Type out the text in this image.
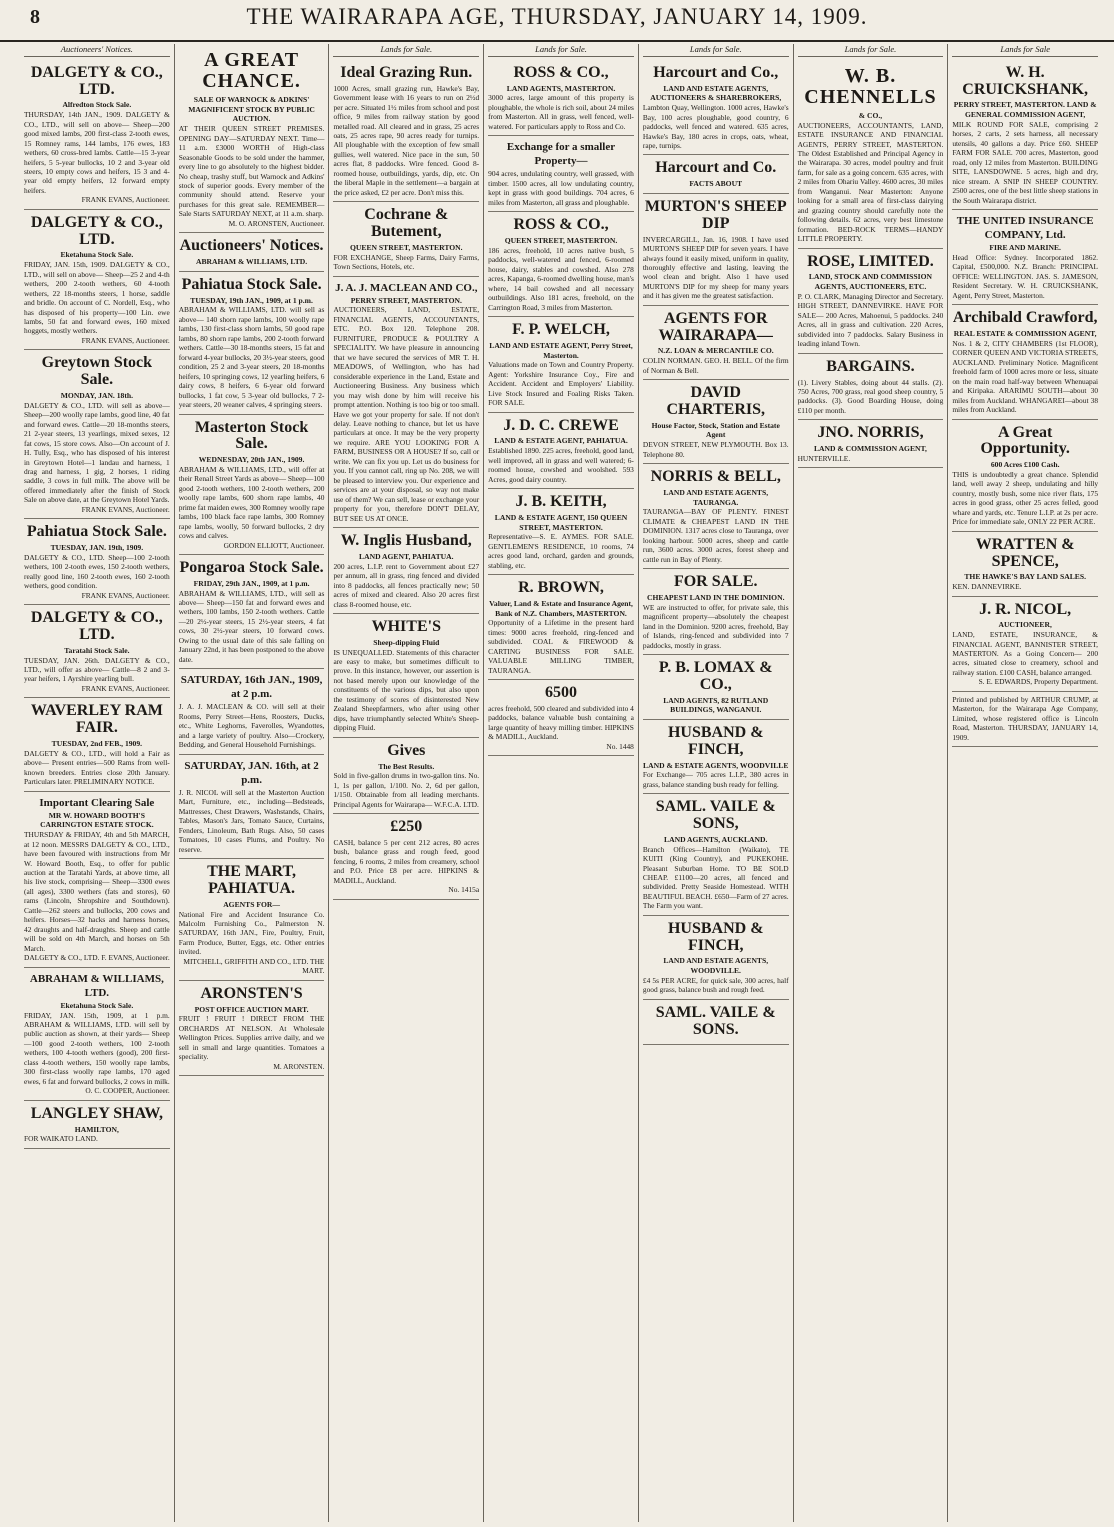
8	THE WAIRARAPA AGE, THURSDAY, JANUARY 14, 1909.
Auctioneers' Notices.
DALGETY & CO., LTD.
Alfredton Stock Sale.
THURSDAY, 14th JAN., 1909. DALGETY & CO., LTD., will sell on above— Sheep—200 good mixed lambs, 200 first-class 2-tooth ewes, 15 Romney rams, 144 lambs, 176 ewes, 183 wethers, 60 cross-bred lambs. Cattle—15 3-year heifers, 5 5-year bullocks, 10 2 and 3-year old steers, 10 empty cows and heifers, 15 3 and 4-year old empty heifers, 12 forward empty heifers.
FRANK EVANS, Auctioneer.
DALGETY & CO., LTD.
Eketahuna Stock Sale.
FRIDAY, JAN. 15th, 1909. DALGETY & CO., LTD., will sell on above— Sheep—25 2 and 4-th wethers, 200 2-tooth wethers, 60 4-tooth wethers, 22 18-months steers, 1 horse, saddle and bridle. On account of C. Nordell, Esq., who has disposed of his property—100 Lin. ewe lambs, 50 fat and forward ewes, 160 mixed hoggets, mostly wethers.
FRANK EVANS, Auctioneer.
Greytown Stock Sale.
MONDAY, JAN. 18th.
DALGETY & CO., LTD. will sell as above— Sheep—200 woolly rape lambs, good line, 40 fat and forward ewes. Cattle—20 18-months steers, 21 2-year steers, 13 yearlings, mixed sexes, 12 fat cows, 15 store cows. Also—On account of J. H. Tully, Esq., who has disposed of his interest in Greytown Hotel—1 landau and harness, 1 drag and harness, 1 gig, 2 horses, 1 riding saddle, 3 cows in full milk. The above will be offered immediately after the finish of Stock Sale on above date, at the Greytown Hotel Yards.
FRANK EVANS, Auctioneer.
Pahiatua Stock Sale.
TUESDAY, JAN. 19th, 1909.
DALGETY & CO., LTD. Sheep—100 2-tooth wethers, 100 2-tooth ewes, 150 2-tooth wethers, really good line, 160 2-tooth ewes, 160 2-tooth wethers, good condition.
FRANK EVANS, Auctioneer.
DALGETY & CO., LTD.
Taratahi Stock Sale.
TUESDAY, JAN. 26th. DALGETY & CO., LTD., will offer as above— Cattle—8 2 and 3-year heifers, 1 Ayrshire yearling bull.
FRANK EVANS, Auctioneer.
WAVERLEY RAM FAIR.
TUESDAY, 2nd FEB., 1909.
DALGETY & CO., LTD., will hold a Fair as above— Present entries—500 Rams from well-known breeders. Entries close 20th January. Particulars later. PRELIMINARY NOTICE.
Important Clearing Sale
MR W. HOWARD BOOTH'S CARRINGTON ESTATE STOCK.
THURSDAY & FRIDAY, 4th and 5th MARCH, at 12 noon. MESSRS DALGETY & CO., LTD., have been favoured with instructions from Mr W. Howard Booth, Esq., to offer for public auction at the Taratahi Yards, at above time, all his live stock, comprising— Sheep—3300 ewes (all ages), 3300 wethers (fats and stores), 60 rams (Lincoln, Shropshire and Southdown). Cattle—262 steers and bullocks, 200 cows and heifers. Horses—32 hacks and harness horses, 42 draughts and half-draughts. Sheep and cattle will be sold on 4th March, and horses on 5th March.
DALGETY & CO., LTD. F. EVANS, Auctioneer.
ABRAHAM & WILLIAMS, LTD.
Eketahuna Stock Sale.
FRIDAY, JAN. 15th, 1909, at 1 p.m. ABRAHAM & WILLIAMS, LTD. will sell by public auction as shown, at their yards— Sheep—100 good 2-tooth wethers, 100 2-tooth wethers, 100 4-tooth wethers (good), 200 first-class 4-tooth wethers, 150 woolly rape lambs, 300 first-class woolly rape lambs, 170 aged ewes, 6 fat and forward bullocks, 2 cows in milk.
O. C. COOPER, Auctioneer.
LANGLEY SHAW,
HAMILTON,
FOR WAIKATO LAND.
A GREAT CHANCE.
SALE OF WARNOCK & ADKINS' MAGNIFICENT STOCK BY PUBLIC AUCTION.
AT THEIR QUEEN STREET PREMISES. OPENING DAY—SATURDAY NEXT. Time—11 a.m. £3000 WORTH of High-class Seasonable Goods to be sold under the hammer, every line to go absolutely to the highest bidder. No cheap, trashy stuff, but Warnock and Adkins' stock of superior goods. Every member of the community should attend. Reserve your purchases for this great sale. REMEMBER—Sale Starts SATURDAY NEXT, at 11 a.m. sharp.
M. O. ARONSTEN, Auctioneer.
Auctioneers' Notices.
ABRAHAM & WILLIAMS, LTD.
Pahiatua Stock Sale.
TUESDAY, 19th JAN., 1909, at 1 p.m.
ABRAHAM & WILLIAMS, LTD. will sell as above— 140 shorn rape lambs, 100 woolly rape lambs, 130 first-class shorn lambs, 50 good rape lambs, 80 shorn rape lambs, 200 2-tooth forward wethers. Cattle—30 18-months steers, 15 fat and forward 4-year bullocks, 20 3½-year steers, good condition, 25 2 and 3-year steers, 20 18-months heifers, 10 springing cows, 12 yearling heifers, 6 dairy cows, 8 heifers, 6 6-year old forward bullocks, 1 fat cow, 5 3-year old bullocks, 7 2-year steers, 20 weaner calves, 4 springing steers.
Masterton Stock Sale.
WEDNESDAY, 20th JAN., 1909.
ABRAHAM & WILLIAMS, LTD., will offer at their Renall Street Yards as above— Sheep—100 good 2-tooth wethers, 100 2-tooth wethers, 200 woolly rape lambs, 600 shorn rape lambs, 40 prime fat maiden ewes, 300 Romney woolly rape lambs, 100 black face rape lambs, 300 Romney rape lambs, woolly, 50 forward bullocks, 2 dry cows and calves.
GORDON ELLIOTT, Auctioneer.
Pongaroa Stock Sale.
FRIDAY, 29th JAN., 1909, at 1 p.m.
ABRAHAM & WILLIAMS, LTD., will sell as above— Sheep—150 fat and forward ewes and wethers, 100 lambs, 150 2-tooth wethers. Cattle—20 2½-year steers, 15 2½-year steers, 4 fat cows, 30 2½-year steers, 10 forward cows. Owing to the usual date of this sale falling on January 22nd, it has been postponed to the above date.
SATURDAY, 16th JAN., 1909, at 2 p.m.
J. A. J. MACLEAN & CO. will sell at their Rooms, Perry Street—Hens, Roosters, Ducks, etc., White Leghorns, Faverolles, Wyandottes, and a large variety of poultry. Also—Crockery, Bedding, and General Household Furnishings.
SATURDAY, JAN. 16th, at 2 p.m.
J. R. NICOL will sell at the Masterton Auction Mart, Furniture, etc., including—Bedsteads, Mattresses, Chest Drawers, Washstands, Chairs, Tables, Mason's Jars, Tomato Sauce, Curtains, Fenders, Linoleum, Bath Rugs. Also, 50 cases Tomatoes, 10 cases Plums, and Poultry. No reserve.
THE MART, PAHIATUA.
AGENTS FOR—
National Fire and Accident Insurance Co. Malcolm Furnishing Co., Palmerston N. SATURDAY, 16th JAN., Fire, Poultry, Fruit, Farm Produce, Butter, Eggs, etc. Other entries invited.
MITCHELL, GRIFFITH AND CO., LTD. THE MART.
ARONSTEN'S
POST OFFICE AUCTION MART.
FRUIT ! FRUIT ! DIRECT FROM THE ORCHARDS AT NELSON. At Wholesale Wellington Prices. Supplies arrive daily, and we sell in small and large quantities. Tomatoes a speciality.
M. ARONSTEN.
Lands for Sale.
Ideal Grazing Run.
1000 Acres, small grazing run, Hawke's Bay, Government lease with 16 years to run on 2½d per acre. Situated 1½ miles from school and post office, 9 miles from railway station by good metalled road. All cleared and in grass, 25 acres oats, 25 acres rape, 90 acres ready for turnips. All ploughable with the exception of few small gullies, well watered. Nice pace in the sun, 50 acres flat, 8 paddocks. Wire fenced. Good 8-roomed house, outbuildings, yards, dip, etc. On the liberal Maple in the settlement—a bargain at the price asked, £2 per acre. Don't miss this.
Cochrane & Butement,
QUEEN STREET, MASTERTON.
FOR EXCHANGE, Sheep Farms, Dairy Farms, Town Sections, Hotels, etc.
J. A. J. MACLEAN AND CO.,
PERRY STREET, MASTERTON.
AUCTIONEERS, LAND, ESTATE, FINANCIAL AGENTS, ACCOUNTANTS, ETC. P.O. Box 120. Telephone 208. FURNITURE, PRODUCE & POULTRY A SPECIALITY. We have pleasure in announcing that we have secured the services of MR T. H. MEADOWS, of Wellington, who has had considerable experience in the Land, Estate and Auctioneering Business. Any business which you may wish done by him will receive his prompt attention. Nothing is too big or too small. Have we got your property for sale. If not don't delay. Leave nothing to chance, but let us have particulars at once. It may be the very property we require. ARE YOU LOOKING FOR A FARM, BUSINESS OR A HOUSE? If so, call or write. We can fix you up. Let us do business for you. If you cannot call, ring up No. 208, we will be pleased to interview you. Our experience and services are at your disposal, so way not make use of them? We can sell, lease or exchange your property for you, therefore DON'T DELAY, BUT SEE US AT ONCE.
W. Inglis Husband,
LAND AGENT, PAHIATUA.
200 acres, L.I.P. rent to Government about £27 per annum, all in grass, ring fenced and divided into 8 paddocks, all fences practically new; 50 acres of mixed and cleared. Also 20 acres first class 8-roomed house, etc.
WHITE'S
Sheep-dipping Fluid
IS UNEQUALLED. Statements of this character are easy to make, but sometimes difficult to prove. In this instance, however, our assertion is not based merely upon our knowledge of the constituents of the various dips, but also upon the testimony of scores of disinterested New Zealand Sheepfarmers, who after using other dips, have triumphantly selected White's Sheep-dipping Fluid.
Gives
The Best Results.
Sold in five-gallon drums in two-gallon tins. No. 1, 1s per gallon, 1/100. No. 2, 6d per gallon, 1/150. Obtainable from all leading merchants. Principal Agents for Wairarapa— W.F.C.A. LTD.
£250
CASH, balance 5 per cent 212 acres, 80 acres bush, balance grass and rough feed, good fencing, 6 rooms, 2 miles from creamery, school and P.O. Price £8 per acre. HIPKINS & MADILL, Auckland.
No. 1415a
Lands for Sale.
ROSS & CO.,
LAND AGENTS, MASTERTON.
3000 acres, large amount of this property is ploughable, the whole is rich soil, about 24 miles from Masterton. All in grass, well fenced, well-watered. For particulars apply to Ross and Co.
Exchange for a smaller Property—
904 acres, undulating country, well grassed, with timber. 1500 acres, all low undulating country, kept in grass with good buildings. 704 acres, 6 miles from Masterton, all grass and ploughable.
ROSS & CO.,
QUEEN STREET, MASTERTON.
186 acres, freehold, 10 acres native bush, 5 paddocks, well-watered and fenced, 6-roomed house, dairy, stables and cowshed. Also 278 acres, Kapanga, 6-roomed dwelling house, man's where, 14 bail cowshed and all necessary outbuildings. Also 181 acres, freehold, on the Carrington Road, 3 miles from Masterton.
F. P. WELCH,
LAND AND ESTATE AGENT, Perry Street, Masterton.
Valuations made on Town and Country Property. Agent: Yorkshire Insurance Coy., Fire and Accident. Accident and Employers' Liability. Live Stock Insured and Foaling Risks Taken. FOR SALE.
J. D. C. CREWE
LAND & ESTATE AGENT, PAHIATUA.
Established 1890. 225 acres, freehold, good land, well improved, all in grass and well watered; 6-roomed house, cowshed and woolshed. 593 Acres, good dairy country.
J. B. KEITH,
LAND & ESTATE AGENT, 150 QUEEN STREET, MASTERTON.
Representative—S. E. AYMES. FOR SALE. GENTLEMEN'S RESIDENCE, 10 rooms, 74 acres good land, orchard, garden and grounds, stabling, etc.
R. BROWN,
Valuer, Land & Estate and Insurance Agent, Bank of N.Z. Chambers, MASTERTON.
Opportunity of a Lifetime in the present hard times: 9000 acres freehold, ring-fenced and subdivided. COAL & FIREWOOD & CARTING BUSINESS FOR SALE. VALUABLE MILLING TIMBER, TAURANGA.
6500
acres freehold, 500 cleared and subdivided into 4 paddocks, balance valuable bush containing a large quantity of heavy milling timber. HIPKINS & MADILL, Auckland.
No. 1448
Lands for Sale.
Harcourt and Co.,
LAND AND ESTATE AGENTS, AUCTIONEERS & SHAREBROKERS,
Lambton Quay, Wellington. 1000 acres, Hawke's Bay, 100 acres ploughable, good country, 6 paddocks, well fenced and watered. 635 acres, Hawke's Bay, 180 acres in crops, oats, wheat, rape, turnips.
Harcourt and Co.
FACTS ABOUT
MURTON'S SHEEP DIP
INVERCARGILL, Jan. 16, 1908. I have used MURTON'S SHEEP DIP for seven years. I have always found it easily mixed, uniform in quality, thoroughly effective and lasting, leaving the wool clean and bright. Also 1 have used MURTON'S DIP for my sheep for many years and it has given me the greatest satisfaction.
AGENTS FOR WAIRARAPA—
N.Z. LOAN & MERCANTILE CO.
COLIN NORMAN. GEO. H. BELL. Of the firm of Norman & Bell.
DAVID CHARTERIS,
House Factor, Stock, Station and Estate Agent
DEVON STREET, NEW PLYMOUTH. Box 13. Telephone 80.
NORRIS & BELL,
LAND AND ESTATE AGENTS, TAURANGA.
TAURANGA—BAY OF PLENTY. FINEST CLIMATE & CHEAPEST LAND IN THE DOMINION. 1317 acres close to Tauranga, over looking harbour. 5000 acres, sheep and cattle run, 3600 acres. 3000 acres, forest sheep and cattle run in Bay of Plenty.
FOR SALE.
CHEAPEST LAND IN THE DOMINION.
WE are instructed to offer, for private sale, this magnificent property—absolutely the cheapest land in the Dominion. 9200 acres, freehold, Bay of Islands, ring-fenced and subdivided into 7 paddocks, mostly in grass.
P. B. LOMAX & CO.,
LAND AGENTS, 82 RUTLAND BUILDINGS, WANGANUI.
HUSBAND & FINCH,
LAND & ESTATE AGENTS, WOODVILLE
For Exchange— 705 acres L.I.P., 380 acres in grass, balance standing bush ready for felling.
SAML. VAILE & SONS,
LAND AGENTS, AUCKLAND.
Branch Offices—Hamilton (Waikato), TE KUITI (King Country), and PUKEKOHE. Pleasant Suburban Home. TO BE SOLD CHEAP. £1100—20 acres, all fenced and subdivided. Pretty Seaside Homestead. WITH BEAUTIFUL BEACH. £650—Farm of 27 acres. The Farm you want.
HUSBAND & FINCH,
LAND AND ESTATE AGENTS, WOODVILLE.
£4 5s PER ACRE, for quick sale, 300 acres, half good grass, balance bush and rough feed.
SAML. VAILE & SONS.
Lands for Sale.
W. B. CHENNELLS
& CO.,
AUCTIONEERS, ACCOUNTANTS, LAND, ESTATE INSURANCE AND FINANCIAL AGENTS, PERRY STREET, MASTERTON. The Oldest Established and Principal Agency in the Wairarapa. 30 acres, model poultry and fruit farm, for sale as a going concern. 635 acres, with 2 miles from Ohariu Valley. 4600 acres, 30 miles from Wanganui. Near Masterton: Anyone looking for a small area of first-class dairying and grazing country should carefully note the following details. 62 acres, very best limestone formation. BED-ROCK TERMS—HANDY LITTLE PROPERTY.
ROSE, LIMITED.
LAND, STOCK AND COMMISSION AGENTS, AUCTIONEERS, ETC.
P. O. CLARK, Managing Director and Secretary. HIGH STREET, DANNEVIRKE. HAVE FOR SALE— 200 Acres, Mahoenui, 5 paddocks. 240 Acres, all in grass and cultivation. 220 Acres, subdivided into 7 paddocks. Salary Business in leading inland Town.
BARGAINS.
(1). Livery Stables, doing about 44 stalls. (2). 750 Acres, 700 grass, real good sheep country, 5 paddocks. (3). Good Boarding House, doing £110 per month.
JNO. NORRIS,
LAND & COMMISSION AGENT,
HUNTERVILLE.
Lands for Sale
W. H. CRUICKSHANK,
PERRY STREET, MASTERTON. LAND & GENERAL COMMISSION AGENT,
MILK ROUND FOR SALE, comprising 2 horses, 2 carts, 2 sets harness, all necessary utensils, 40 gallons a day. Price £60. SHEEP FARM FOR SALE. 700 acres, Masterton, good road, only 12 miles from Masterton. BUILDING SITE, LANSDOWNE. 5 acres, high and dry, nice stream. A SNIP IN SHEEP COUNTRY. 2500 acres, one of the best little sheep stations in the South Wairarapa district.
THE UNITED INSURANCE COMPANY, Ltd.
FIRE AND MARINE.
Head Office: Sydney. Incorporated 1862. Capital, £500,000. N.Z. Branch: PRINCIPAL OFFICE: WELLINGTON. JAS. S. JAMESON, Resident Secretary. W. H. CRUICKSHANK, Agent, Perry Street, Masterton.
Archibald Crawford,
REAL ESTATE & COMMISSION AGENT,
Nos. 1 & 2, CITY CHAMBERS (1st FLOOR), CORNER QUEEN AND VICTORIA STREETS, AUCKLAND. Preliminary Notice. Magnificent freehold farm of 1000 acres more or less, situate on the main road half-way between Whenuapai and Kiripaka. ARARIMU SOUTH—about 30 miles from Auckland. WHANGAREI—about 38 miles from Auckland.
A Great Opportunity.
600 Acres £100 Cash.
THIS is undoubtedly a great chance. Splendid land, well away 2 sheep, undulating and hilly country, mostly bush, some nice river flats, 175 acres in good grass, other 25 acres felled, good whare and yards, etc. Tenure L.I.P. at 2s per acre. Price for immediate sale, ONLY 22 PER ACRE.
WRATTEN & SPENCE,
THE HAWKE'S BAY LAND SALES.
KEN. DANNEVIRKE.
J. R. NICOL,
AUCTIONEER,
LAND, ESTATE, INSURANCE, & FINANCIAL AGENT, BANNISTER STREET, MASTERTON. As a Going Concern— 200 acres, situated close to creamery, school and railway station. £100 CASH, balance arranged.
S. E. EDWARDS, Property Department.
Printed and published by ARTHUR CRUMP, at Masterton, for the Wairarapa Age Company, Limited, whose registered office is Lincoln Road, Masterton. THURSDAY, JANUARY 14, 1909.
